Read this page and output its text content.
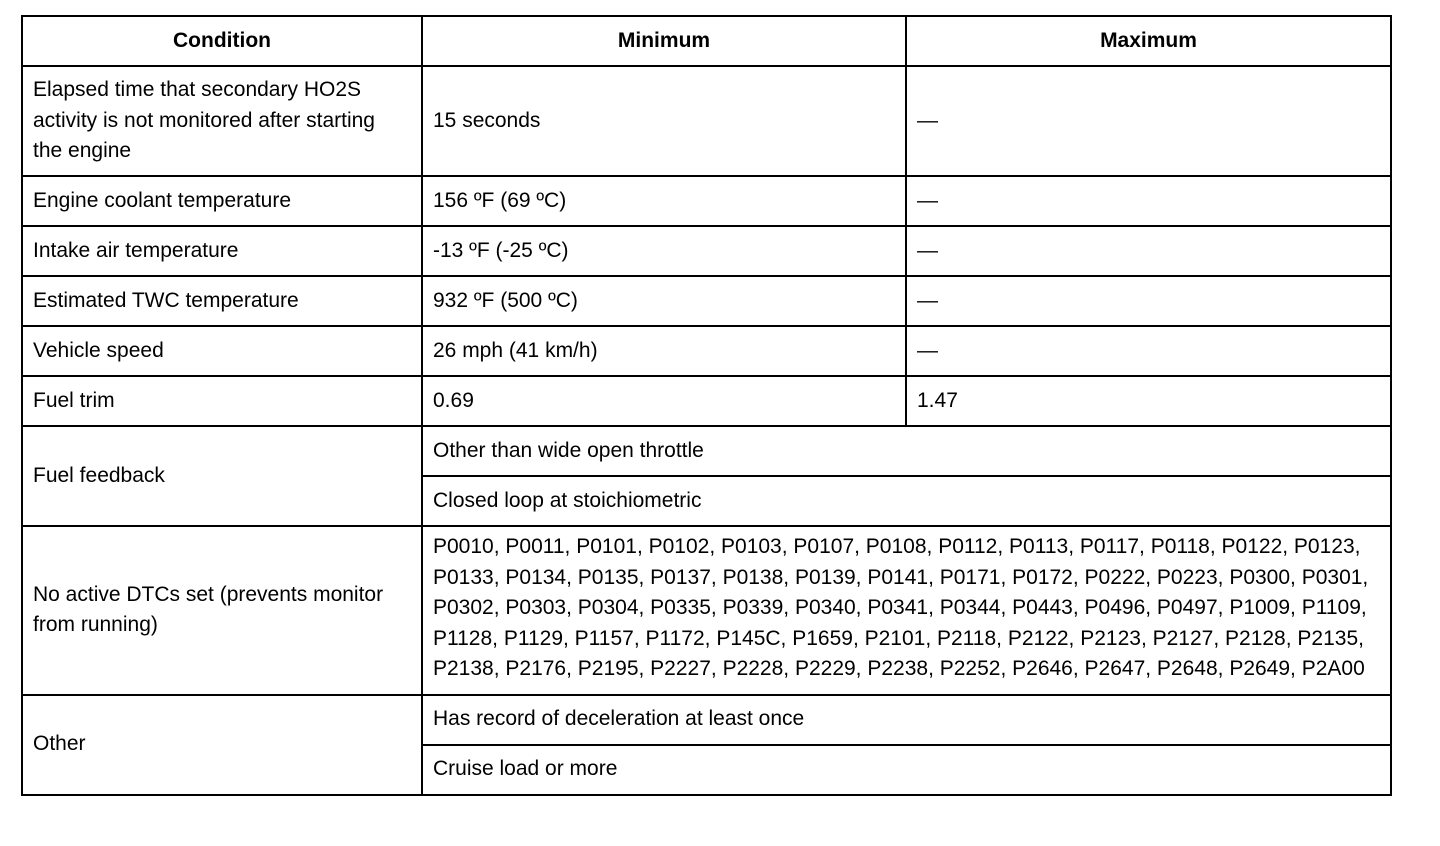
Condition	Minimum	Maximum
Elapsed time that secondary HO2S activity is not monitored after starting the engine	15 seconds	—
Engine coolant temperature	156 ºF (69 ºC)	—
Intake air temperature	-13 ºF (-25 ºC)	—
Estimated TWC temperature	932 ºF (500 ºC)	—
Vehicle speed	26 mph (41 km/h)	—
Fuel trim	0.69	1.47
Fuel feedback	Other than wide open throttle	
	Closed loop at stoichiometric	
No active DTCs set (prevents monitor from running)	P0010, P0011, P0101, P0102, P0103, P0107, P0108, P0112, P0113, P0117, P0118, P0122, P0123, P0133, P0134, P0135, P0137, P0138, P0139, P0141, P0171, P0172, P0222, P0223, P0300, P0301, P0302, P0303, P0304, P0335, P0339, P0340, P0341, P0344, P0443, P0496, P0497, P1009, P1109, P1128, P1129, P1157, P1172, P145C, P1659, P2101, P2118, P2122, P2123, P2127, P2128, P2135, P2138, P2176, P2195, P2227, P2228, P2229, P2238, P2252, P2646, P2647, P2648, P2649, P2A00	
Other	Has record of deceleration at least once	
	Cruise load or more	
